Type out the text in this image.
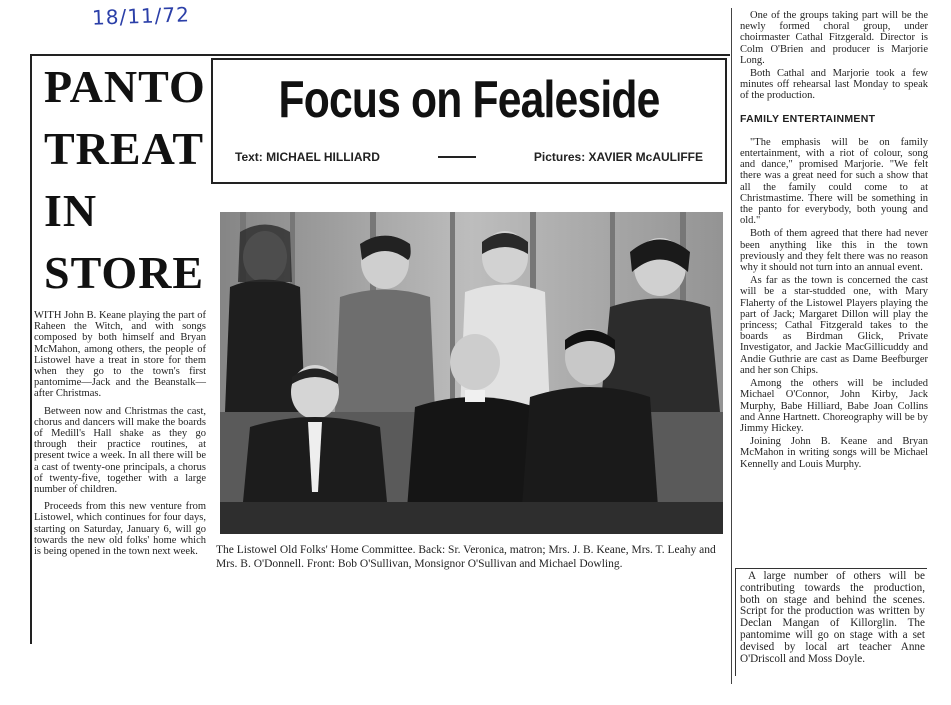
18/11/72
PANTO
TREAT
IN
STORE
Focus on Fealeside
Text: MICHAEL HILLIARD	Pictures: XAVIER McAULIFFE

WITH John B. Keane playing the part of Raheen the Witch, and with songs composed by both himself and Bryan McMahon, among others, the people of Listowel have a treat in store for them when they go to the town's first pantomime—Jack and the Beanstalk—after Christmas.

Between now and Christmas the cast, chorus and dancers will make the boards of Medill's Hall shake as they go through their practice routines, at present twice a week. In all there will be a cast of twenty-one principals, a chorus of twenty-five, together with a large number of children.

Proceeds from this new venture from Listowel, which continues for four days, starting on Saturday, January 6, will go towards the new old folks' home which is being opened in the town next week.	The Listowel Old Folks' Home Committee. Back: Sr. Veronica, matron; Mrs. J. B. Keane, Mrs. T. Leahy and Mrs. B. O'Donnell. Front: Bob O'Sullivan, Monsignor O'Sullivan and Michael Dowling.

One of the groups taking part will be the newly formed choral group, under choirmaster Cathal Fitzgerald. Director is Colm O'Brien and producer is Marjorie Long.

Both Cathal and Marjorie took a few minutes off rehearsal last Monday to speak of the production.

FAMILY ENTERTAINMENT

"The emphasis will be on family entertainment, with a riot of colour, song and dance," promised Marjorie. "We felt there was a great need for such a show that all the family could come to at Christmastime. There will be something in the panto for everybody, both young and old."

Both of them agreed that there had never been anything like this in the town previously and they felt there was no reason why it should not turn into an annual event.

As far as the town is concerned the cast will be a star-studded one, with Mary Flaherty of the Listowel Players playing the part of Jack; Margaret Dillon will play the princess; Cathal Fitzgerald takes to the boards as Birdman Glick, Private Investigator, and Jackie MacGillicuddy and Andie Guthrie are cast as Dame Beefburger and her son Chips.

Among the others will be included Michael O'Connor, John Kirby, Jack Murphy, Babe Hilliard, Babe Joan Collins and Anne Hartnett. Choreography will be by Jimmy Hickey.

Joining John B. Keane and Bryan McMahon in writing songs will be Michael Kennelly and Louis Murphy.

A large number of others will be contributing towards the production, both on stage and behind the scenes. Script for the production was written by Declan Mangan of Killorglin. The pantomime will go on stage with a set devised by local art teacher Anne O'Driscoll and Moss Doyle.
